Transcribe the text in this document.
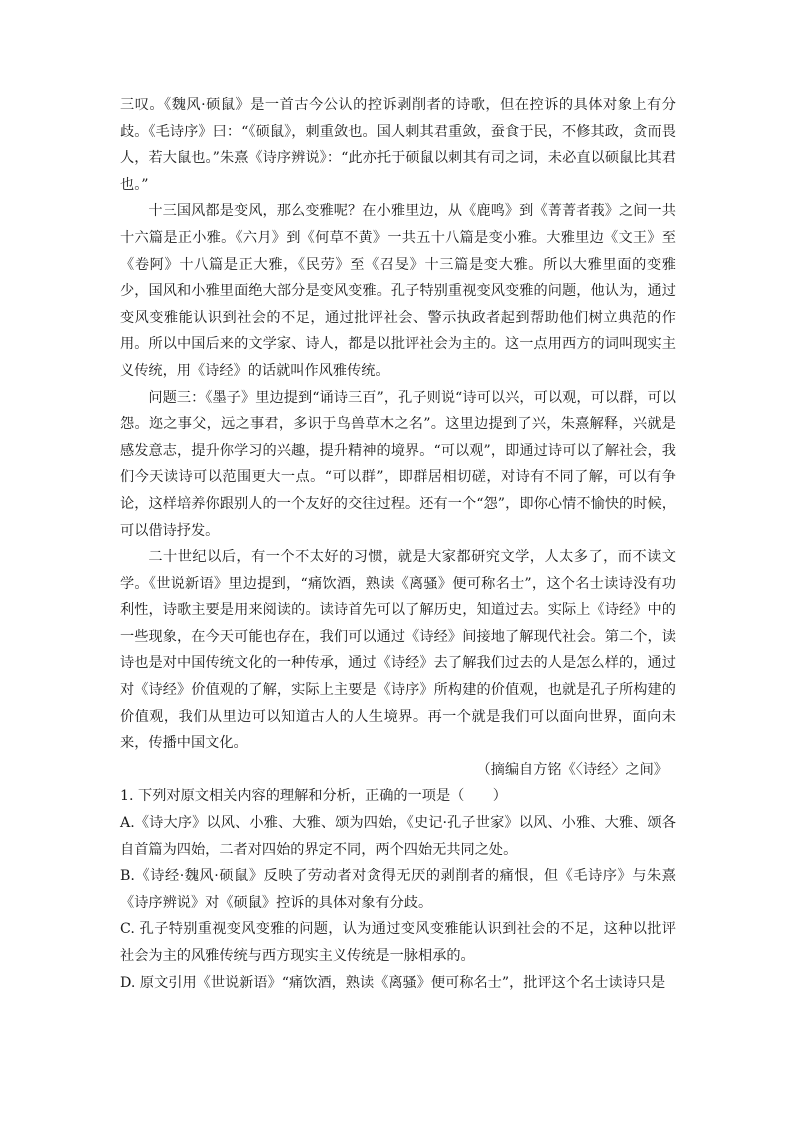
三叹。《魏风·硕鼠》是一首古今公认的控诉剥削者的诗歌，但在控诉的具体对象上有分歧。《毛诗序》曰：“《硕鼠》，刺重敛也。国人刺其君重敛，蚕食于民，不修其政，贪而畏人，若大鼠也。”朱熹《诗序辨说》：“此亦托于硕鼠以刺其有司之词，未必直以硕鼠比其君也。”

十三国风都是变风，那么变雅呢？在小雅里边，从《鹿鸣》到《菁菁者莪》之间一共十六篇是正小雅。《六月》到《何草不黄》一共五十八篇是变小雅。大雅里边《文王》至《卷阿》十八篇是正大雅，《民劳》至《召旻》十三篇是变大雅。所以大雅里面的变雅少，国风和小雅里面绝大部分是变风变雅。孔子特别重视变风变雅的问题，他认为，通过变风变雅能认识到社会的不足，通过批评社会、警示执政者起到帮助他们树立典范的作用。所以中国后来的文学家、诗人，都是以批评社会为主的。这一点用西方的词叫现实主义传统，用《诗经》的话就叫作风雅传统。

问题三：《墨子》里边提到“诵诗三百”，孔子则说“诗可以兴，可以观，可以群，可以怨。迩之事父，远之事君，多识于鸟兽草木之名”。这里边提到了兴，朱熹解释，兴就是感发意志，提升你学习的兴趣，提升精神的境界。“可以观”，即通过诗可以了解社会，我们今天读诗可以范围更大一点。“可以群”，即群居相切磋，对诗有不同了解，可以有争论，这样培养你跟别人的一个友好的交往过程。还有一个“怨”，即你心情不愉快的时候，可以借诗抒发。

二十世纪以后，有一个不太好的习惯，就是大家都研究文学，人太多了，而不读文学。《世说新语》里边提到，“痛饮酒，熟读《离骚》便可称名士”，这个名士读诗没有功利性，诗歌主要是用来阅读的。读诗首先可以了解历史，知道过去。实际上《诗经》中的一些现象，在今天可能也存在，我们可以通过《诗经》间接地了解现代社会。第二个，读诗也是对中国传统文化的一种传承，通过《诗经》去了解我们过去的人是怎么样的，通过对《诗经》价值观的了解，实际上主要是《诗序》所构建的价值观，也就是孔子所构建的价值观，我们从里边可以知道古人的人生境界。再一个就是我们可以面向世界，面向未来，传播中国文化。

（摘编自方铭《〈诗经〉之间》

1. 下列对原文相关内容的理解和分析，正确的一项是（　　）

A.《诗大序》以风、小雅、大雅、颂为四始，《史记·孔子世家》以风、小雅、大雅、颂各自首篇为四始，二者对四始的界定不同，两个四始无共同之处。

B.《诗经·魏风·硕鼠》反映了劳动者对贪得无厌的剥削者的痛恨，但《毛诗序》与朱熹《诗序辨说》对《硕鼠》控诉的具体对象有分歧。

C. 孔子特别重视变风变雅的问题，认为通过变风变雅能认识到社会的不足，这种以批评社会为主的风雅传统与西方现实主义传统是一脉相承的。

D. 原文引用《世说新语》“痛饮酒，熟读《离骚》便可称名士”，批评这个名士读诗只是
